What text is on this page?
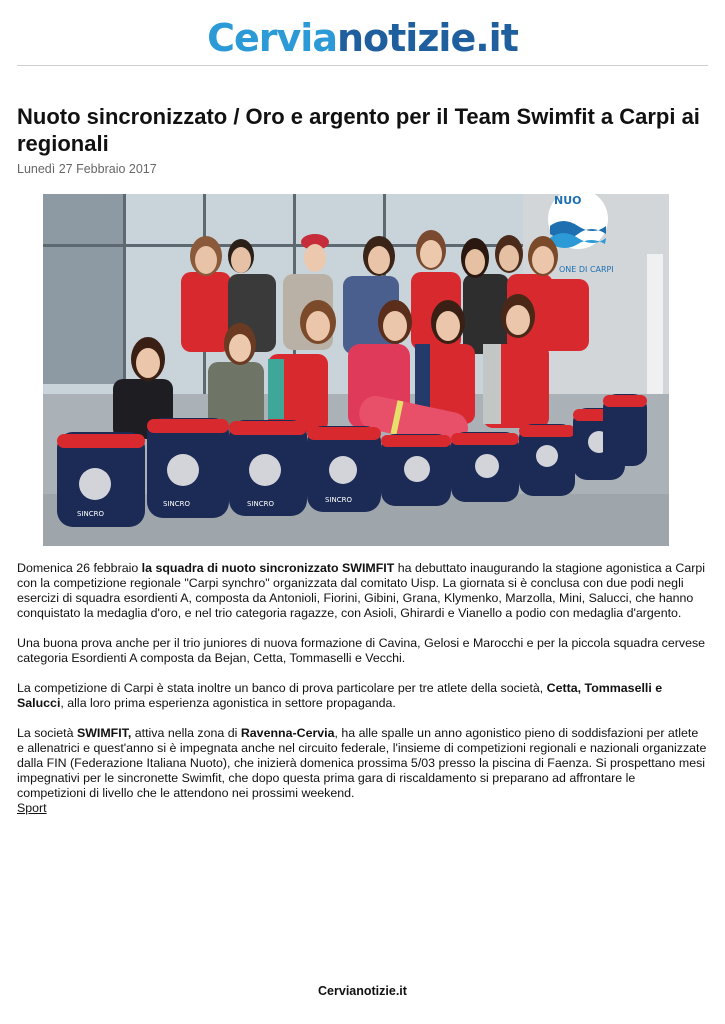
Cervianotizie.it
Nuoto sincronizzato / Oro e argento per il Team Swimfit a Carpi ai regionali
Lunedì 27 Febbraio 2017
NUO
ONE DI CARPI
SINCRO
SINCRO	SINCRO	SINCRO

Domenica 26 febbraio la squadra di nuoto sincronizzato SWIMFIT ha debuttato inaugurando la stagione agonistica a Carpi con la competizione regionale "Carpi synchro" organizzata dal comitato Uisp. La giornata si è conclusa con due podi negli esercizi di squadra esordienti A, composta da Antonioli, Fiorini, Gibini, Grana, Klymenko, Marzolla, Mini, Salucci, che hanno conquistato la medaglia d'oro, e nel trio categoria ragazze, con Asioli, Ghirardi e Vianello a podio con medaglia d'argento.

Una buona prova anche per il trio juniores di nuova formazione di Cavina, Gelosi e Marocchi e per la piccola squadra cervese categoria Esordienti A composta da Bejan, Cetta, Tommaselli e Vecchi.

La competizione di Carpi è stata inoltre un banco di prova particolare per tre atlete della società, Cetta, Tommaselli e Salucci, alla loro prima esperienza agonistica in settore propaganda.

La società SWIMFIT, attiva nella zona di Ravenna-Cervia, ha alle spalle un anno agonistico pieno di soddisfazioni per atlete e allenatrici e quest'anno si è impegnata anche nel circuito federale, l'insieme di competizioni regionali e nazionali organizzate dalla FIN (Federazione Italiana Nuoto), che inizierà domenica prossima 5/03 presso la piscina di Faenza. Si prospettano mesi impegnativi per le sincronette Swimfit, che dopo questa prima gara di riscaldamento si preparano ad affrontare le competizioni di livello che le attendono nei prossimi weekend.

Sport
Cervianotizie.it
